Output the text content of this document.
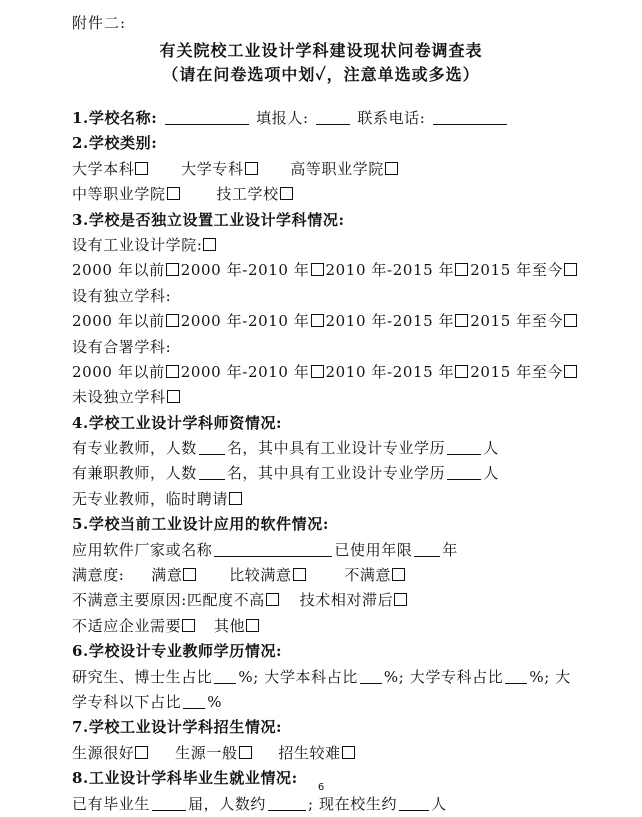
附件二:
有关院校工业设计学科建设现状问卷调查表
（请在问卷选项中划✓，注意单选或多选）
1.学校名称:	填报人:	联系电话:
2.学校类别:
大学本科	大学专科	高等职业学院
中等职业学院	技工学校
3.学校是否独立设置工业设计学科情况:
设有工业设计学院:
2000 年以前 2000 年-2010 年 2010 年-2015 年 2015 年至今
设有独立学科:
2000 年以前 2000 年-2010 年 2010 年-2015 年 2015 年至今
设有合署学科:
2000 年以前 2000 年-2010 年 2010 年-2015 年 2015 年至今
未设独立学科
4.学校工业设计学科师资情况:
有专业教师，人数 名，其中具有工业设计专业学历	人
有兼职教师，人数 名，其中具有工业设计专业学历	人
无专业教师，临时聘请
5.学校当前工业设计应用的软件情况:
应用软件厂家或名称	已使用年限 年
满意度: 满意	比较满意	不满意
不满意主要原因:匹配度不高 技术相对滞后
不适应企业需要 其他
6.学校设计专业教师学历情况:
研究生、博士生占比 %; 大学本科占比 %; 大学专科占比 %; 大
学专科以下占比 %
7.学校工业设计学科招生情况:
生源很好	生源一般	招生较难
8.工业设计学科毕业生就业情况:
已有毕业生	届，人数约	; 现在校生约 人
6
